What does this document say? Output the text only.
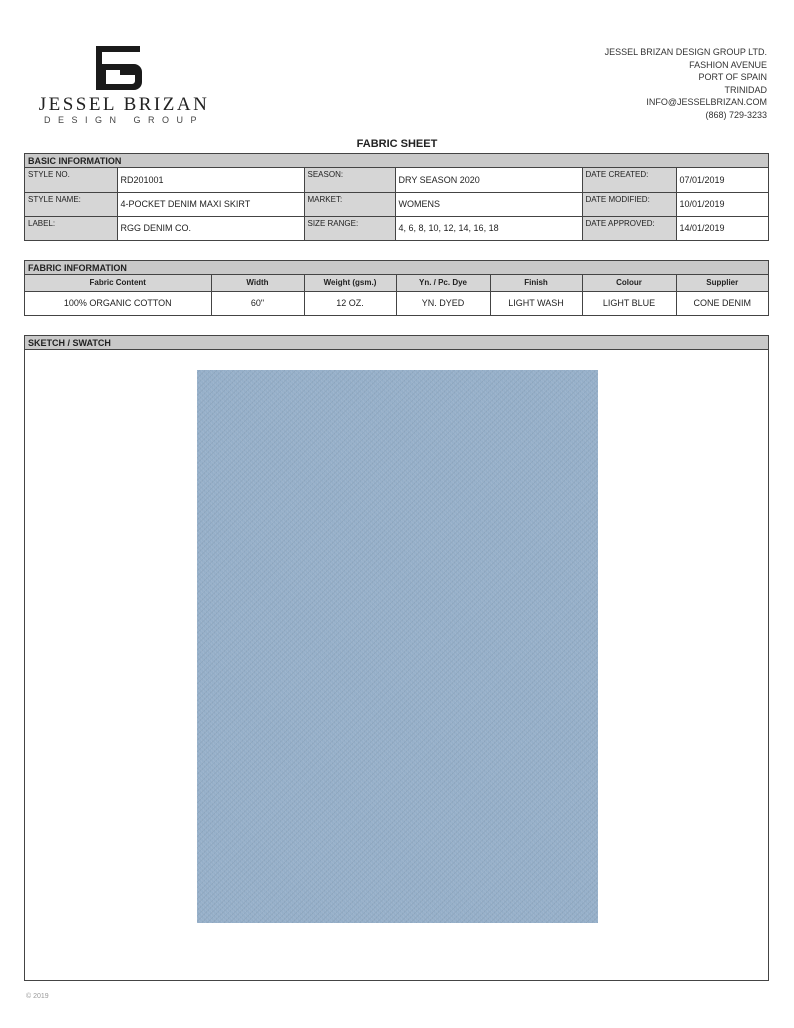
JESSEL BRIZAN
DESIGN GROUP
JESSEL BRIZAN DESIGN GROUP LTD.
FASHION AVENUE
PORT OF SPAIN
TRINIDAD
INFO@JESSELBRIZAN.COM
(868) 729-3233
FABRIC SHEET
BASIC INFORMATION
STYLE NO.	RD201001	SEASON:	DRY SEASON 2020	DATE CREATED:	07/01/2019
STYLE NAME:	4-POCKET DENIM MAXI SKIRT	MARKET:	WOMENS	DATE MODIFIED:	10/01/2019
LABEL:	RGG DENIM CO.	SIZE RANGE:	4, 6, 8, 10, 12, 14, 16, 18	DATE APPROVED:	14/01/2019
FABRIC INFORMATION
Fabric Content	Width	Weight (gsm.)	Yn. / Pc. Dye	Finish	Colour	Supplier
100% ORGANIC COTTON	60"	12 OZ.	YN. DYED	LIGHT WASH	LIGHT BLUE	CONE DENIM
SKETCH / SWATCH
© 2019
